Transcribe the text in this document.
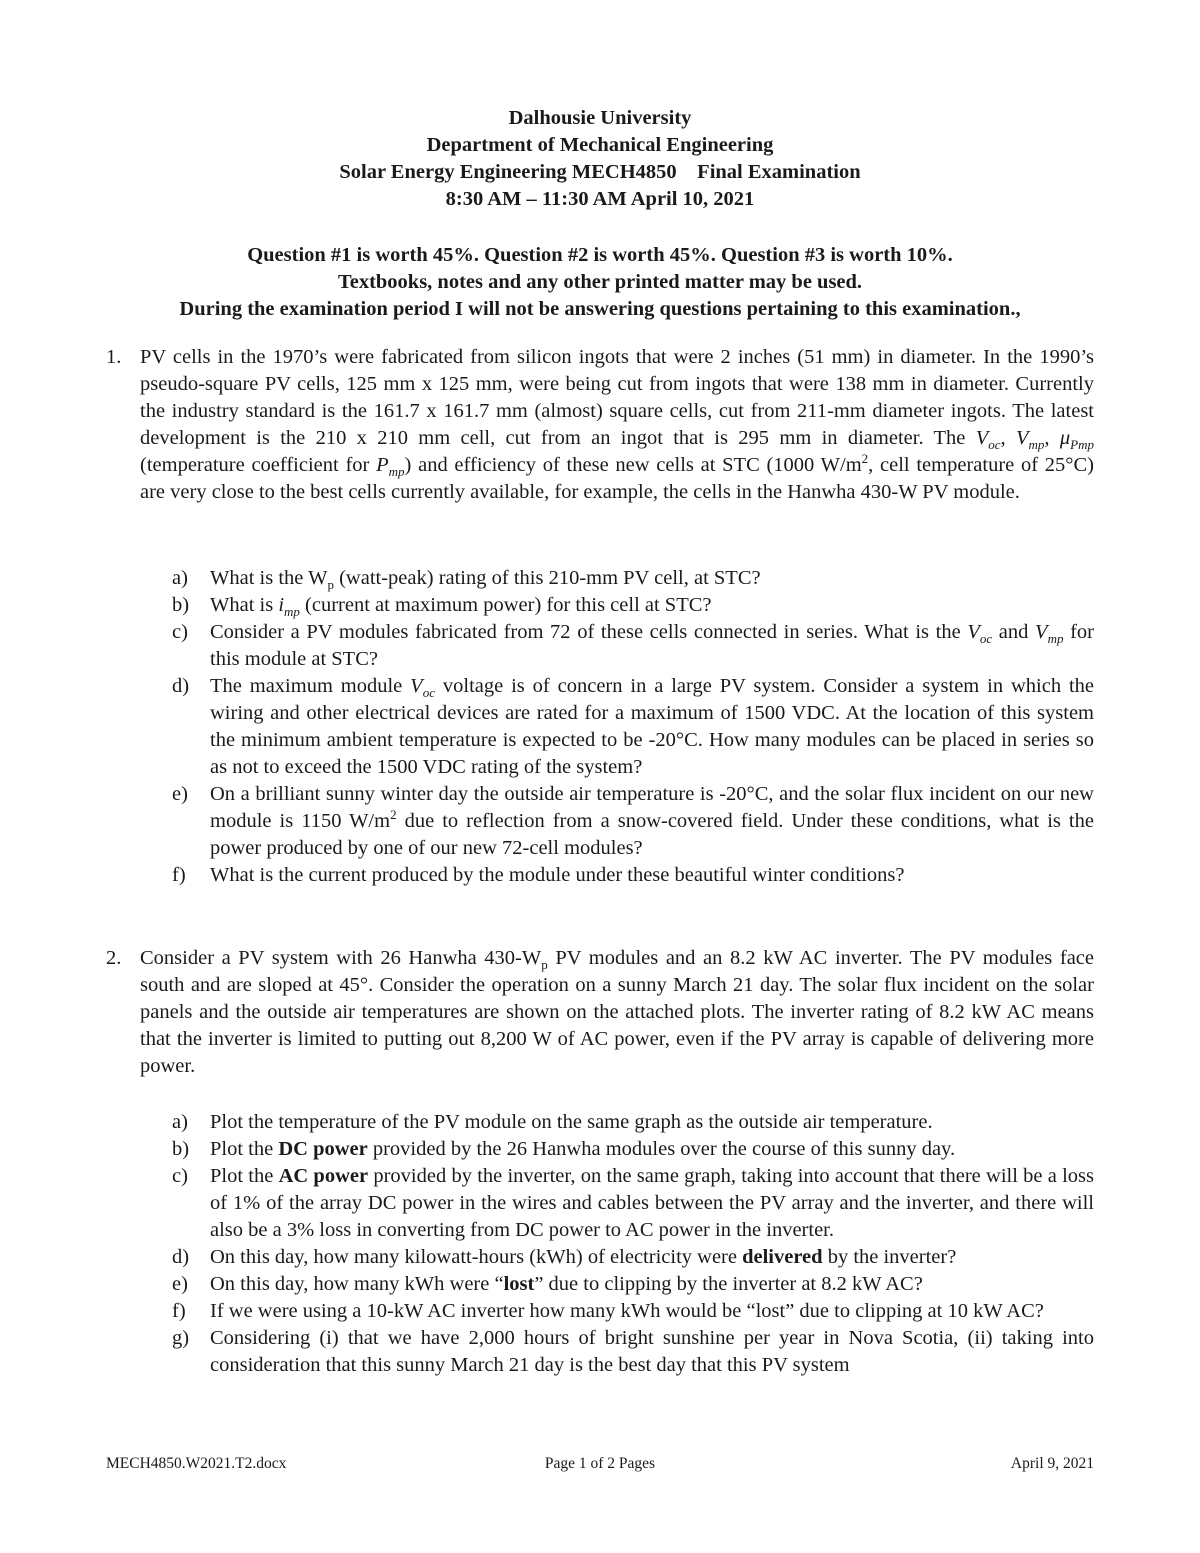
Dalhousie University
Department of Mechanical Engineering
Solar Energy Engineering MECH4850    Final Examination
8:30 AM – 11:30 AM April 10, 2021
Question #1 is worth 45%. Question #2 is worth 45%. Question #3 is worth 10%.
Textbooks, notes and any other printed matter may be used.
During the examination period I will not be answering questions pertaining to this examination.,
1. PV cells in the 1970’s were fabricated from silicon ingots that were 2 inches (51 mm) in diameter. In the 1990’s pseudo-square PV cells, 125 mm x 125 mm, were being cut from ingots that were 138 mm in diameter. Currently the industry standard is the 161.7 x 161.7 mm (almost) square cells, cut from 211-mm diameter ingots. The latest development is the 210 x 210 mm cell, cut from an ingot that is 295 mm in diameter. The $V_{oc}$, $V_{mp}$, $\mu_{Pmp}$ (temperature coefficient for $P_{mp}$) and efficiency of these new cells at STC (1000 $W/m^2$, cell temperature of 25°C) are very close to the best cells currently available, for example, the cells in the Hanwha 430-W PV module.
a) What is the $W_p$ (watt-peak) rating of this 210-mm PV cell, at STC?
b) What is $i_{mp}$ (current at maximum power) for this cell at STC?
c) Consider a PV modules fabricated from 72 of these cells connected in series. What is the $V_{oc}$ and $V_{mp}$ for this module at STC?
d) The maximum module $V_{oc}$ voltage is of concern in a large PV system. Consider a system in which the wiring and other electrical devices are rated for a maximum of 1500 VDC. At the location of this system the minimum ambient temperature is expected to be -20°C. How many modules can be placed in series so as not to exceed the 1500 VDC rating of the system?
e) On a brilliant sunny winter day the outside air temperature is -20°C, and the solar flux incident on our new module is 1150 $W/m^2$ due to reflection from a snow-covered field. Under these conditions, what is the power produced by one of our new 72-cell modules?
f) What is the current produced by the module under these beautiful winter conditions?
2. Consider a PV system with 26 Hanwha $430-W_p$ PV modules and an 8.2 kW AC inverter. The PV modules face south and are sloped at 45°. Consider the operation on a sunny March 21 day. The solar flux incident on the solar panels and the outside air temperatures are shown on the attached plots. The inverter rating of 8.2 kW AC means that the inverter is limited to putting out 8,200 W of AC power, even if the PV array is capable of delivering more power.
a) Plot the temperature of the PV module on the same graph as the outside air temperature.
b) Plot the DC power provided by the 26 Hanwha modules over the course of this sunny day.
c) Plot the AC power provided by the inverter, on the same graph, taking into account that there will be a loss of 1% of the array DC power in the wires and cables between the PV array and the inverter, and there will also be a 3% loss in converting from DC power to AC power in the inverter.
d) On this day, how many kilowatt-hours (kWh) of electricity were delivered by the inverter?
e) On this day, how many kWh were “lost” due to clipping by the inverter at 8.2 kW AC?
f) If we were using a 10-kW AC inverter how many kWh would be “lost” due to clipping at 10 kW AC?
g) Considering (i) that we have 2,000 hours of bright sunshine per year in Nova Scotia, (ii) taking into consideration that this sunny March 21 day is the best day that this PV system
MECH4850.W2021.T2.docx	Page 1 of 2 Pages	April 9, 2021
